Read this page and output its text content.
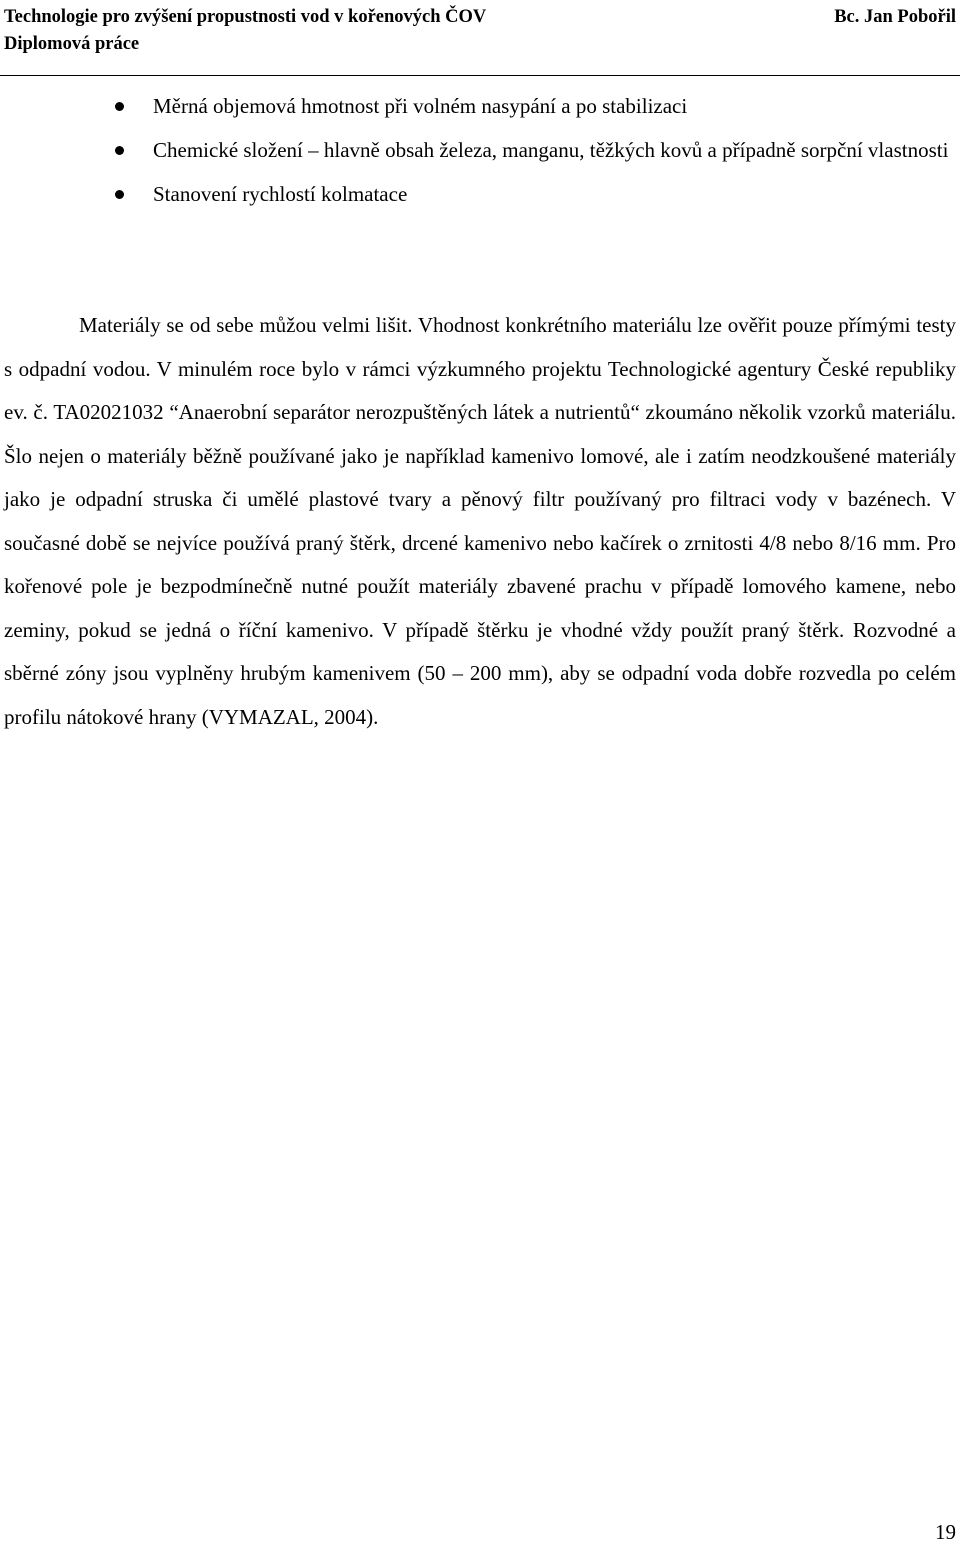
Technologie pro zvýšení propustnosti vod v kořenových ČOV	Bc. Jan Pobořil
Diplomová práce
Měrná objemová hmotnost při volném nasypání a po stabilizaci
Chemické složení – hlavně obsah železa, manganu, těžkých kovů a případně sorpční vlastnosti
Stanovení rychlostí kolmatace

Materiály se od sebe můžou velmi lišit. Vhodnost konkrétního materiálu lze ověřit pouze přímými testy s odpadní vodou. V minulém roce bylo v rámci výzkumného projektu Technologické agentury České republiky ev. č. TA02021032 “Anaerobní separátor nerozpuštěných látek a nutrientů“ zkoumáno několik vzorků materiálu. Šlo nejen o materiály běžně používané jako je například kamenivo lomové, ale i zatím neodzkoušené materiály jako je odpadní struska či umělé plastové tvary a pěnový filtr používaný pro filtraci vody v bazénech. V současné době se nejvíce používá praný štěrk, drcené kamenivo nebo kačírek o zrnitosti 4/8 nebo 8/16 mm. Pro kořenové pole je bezpodmínečně nutné použít materiály zbavené prachu v případě lomového kamene, nebo zeminy, pokud se jedná o říční kamenivo. V případě štěrku je vhodné vždy použít praný štěrk. Rozvodné a sběrné zóny jsou vyplněny hrubým kamenivem (50 – 200 mm), aby se odpadní voda dobře rozvedla po celém profilu nátokové hrany (VYMAZAL, 2004).

19
